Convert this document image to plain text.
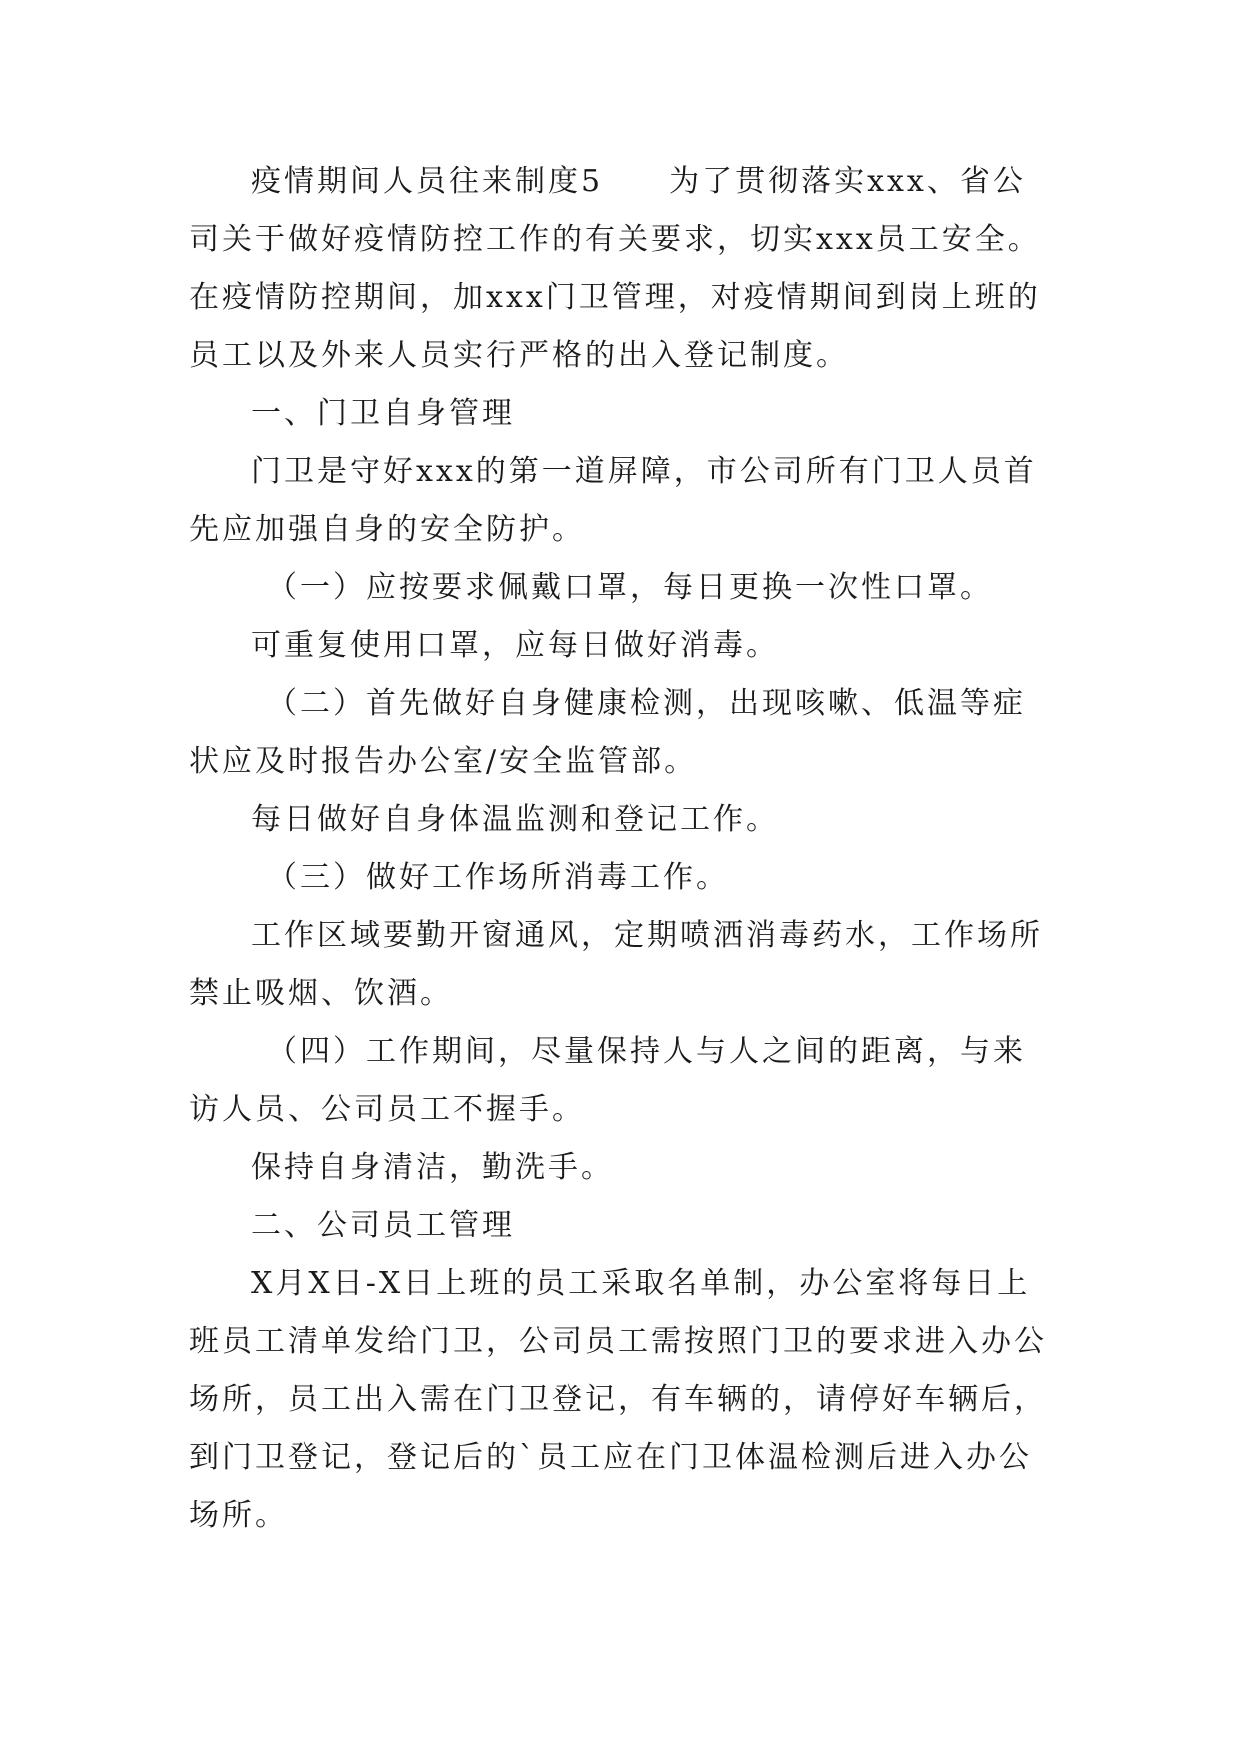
疫情期间人员往来制度5　　为了贯彻落实xxx、省公司关于做好疫情防控工作的有关要求，切实xxx员工安全。在疫情防控期间，加xxx门卫管理，对疫情期间到岗上班的员工以及外来人员实行严格的出入登记制度。

一、门卫自身管理

门卫是守好xxx的第一道屏障，市公司所有门卫人员首先应加强自身的安全防护。

（一）应按要求佩戴口罩，每日更换一次性口罩。

可重复使用口罩，应每日做好消毒。

（二）首先做好自身健康检测，出现咳嗽、低温等症状应及时报告办公室/安全监管部。

每日做好自身体温监测和登记工作。

（三）做好工作场所消毒工作。

工作区域要勤开窗通风，定期喷洒消毒药水，工作场所禁止吸烟、饮酒。

（四）工作期间，尽量保持人与人之间的距离，与来访人员、公司员工不握手。

保持自身清洁，勤洗手。

二、公司员工管理

X月X日-X日上班的员工采取名单制，办公室将每日上班员工清单发给门卫，公司员工需按照门卫的要求进入办公场所，员工出入需在门卫登记，有车辆的，请停好车辆后，到门卫登记，登记后的`员工应在门卫体温检测后进入办公场所。
